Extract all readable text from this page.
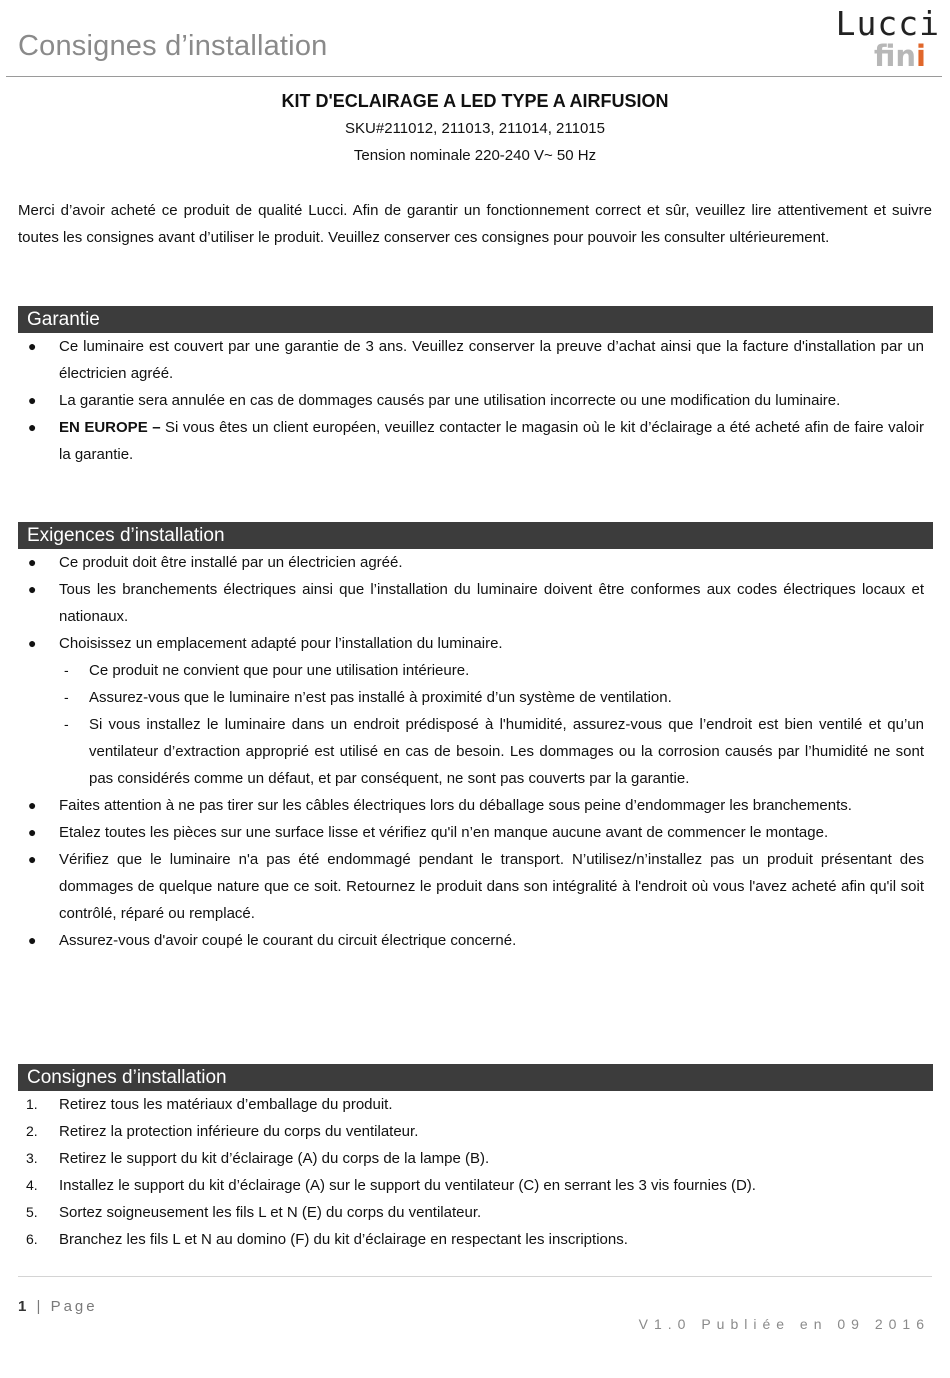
Consignes d’installation
Lucci
fini
KIT D'ECLAIRAGE A LED TYPE A AIRFUSION
SKU#211012, 211013, 211014, 211015
Tension nominale 220-240 V~ 50 Hz
Merci d’avoir acheté ce produit de qualité Lucci. Afin de garantir un fonctionnement correct et sûr, veuillez lire attentivement et suivre toutes les consignes avant d’utiliser le produit. Veuillez conserver ces consignes pour pouvoir les consulter ultérieurement.
Garantie
●	Ce luminaire est couvert par une garantie de 3 ans. Veuillez conserver la preuve d’achat ainsi que la facture d'installation par un électricien agréé.
●	La garantie sera annulée en cas de dommages causés par une utilisation incorrecte ou une modification du luminaire.
●	EN EUROPE – Si vous êtes un client européen, veuillez contacter le magasin où le kit d’éclairage a été acheté afin de faire valoir la garantie.
Exigences d’installation
●	Ce produit doit être installé par un électricien agréé.
●	Tous les branchements électriques ainsi que l’installation du luminaire doivent être conformes aux codes électriques locaux et nationaux.
●	Choisissez un emplacement adapté pour l’installation du luminaire.
-	Ce produit ne convient que pour une utilisation intérieure.
-	Assurez-vous que le luminaire n’est pas installé à proximité d’un système de ventilation.
-	Si vous installez le luminaire dans un endroit prédisposé à l'humidité, assurez-vous que l’endroit est bien ventilé et qu’un ventilateur d’extraction approprié est utilisé en cas de besoin. Les dommages ou la corrosion causés par l’humidité ne sont pas considérés comme un défaut, et par conséquent, ne sont pas couverts par la garantie.
●	Faites attention à ne pas tirer sur les câbles électriques lors du déballage sous peine d’endommager les branchements.
●	Etalez toutes les pièces sur une surface lisse et vérifiez qu'il n’en manque aucune avant de commencer le montage.
●	Vérifiez que le luminaire n'a pas été endommagé pendant le transport. N’utilisez/n’installez pas un produit présentant des dommages de quelque nature que ce soit. Retournez le produit dans son intégralité à l'endroit où vous l'avez acheté afin qu'il soit contrôlé, réparé ou remplacé.
●	Assurez-vous d'avoir coupé le courant du circuit électrique concerné.
Consignes d’installation
1.	Retirez tous les matériaux d’emballage du produit.
2.	Retirez la protection inférieure du corps du ventilateur.
3.	Retirez le support du kit d’éclairage (A) du corps de la lampe (B).
4.	Installez le support du kit d’éclairage (A) sur le support du ventilateur (C) en serrant les 3 vis fournies (D).
5.	Sortez soigneusement les fils L et N (E) du corps du ventilateur.
6.	Branchez les fils L et N au domino (F) du kit d’éclairage en respectant les inscriptions.
1 | Page
V1.0 Publiée en 09 2016
